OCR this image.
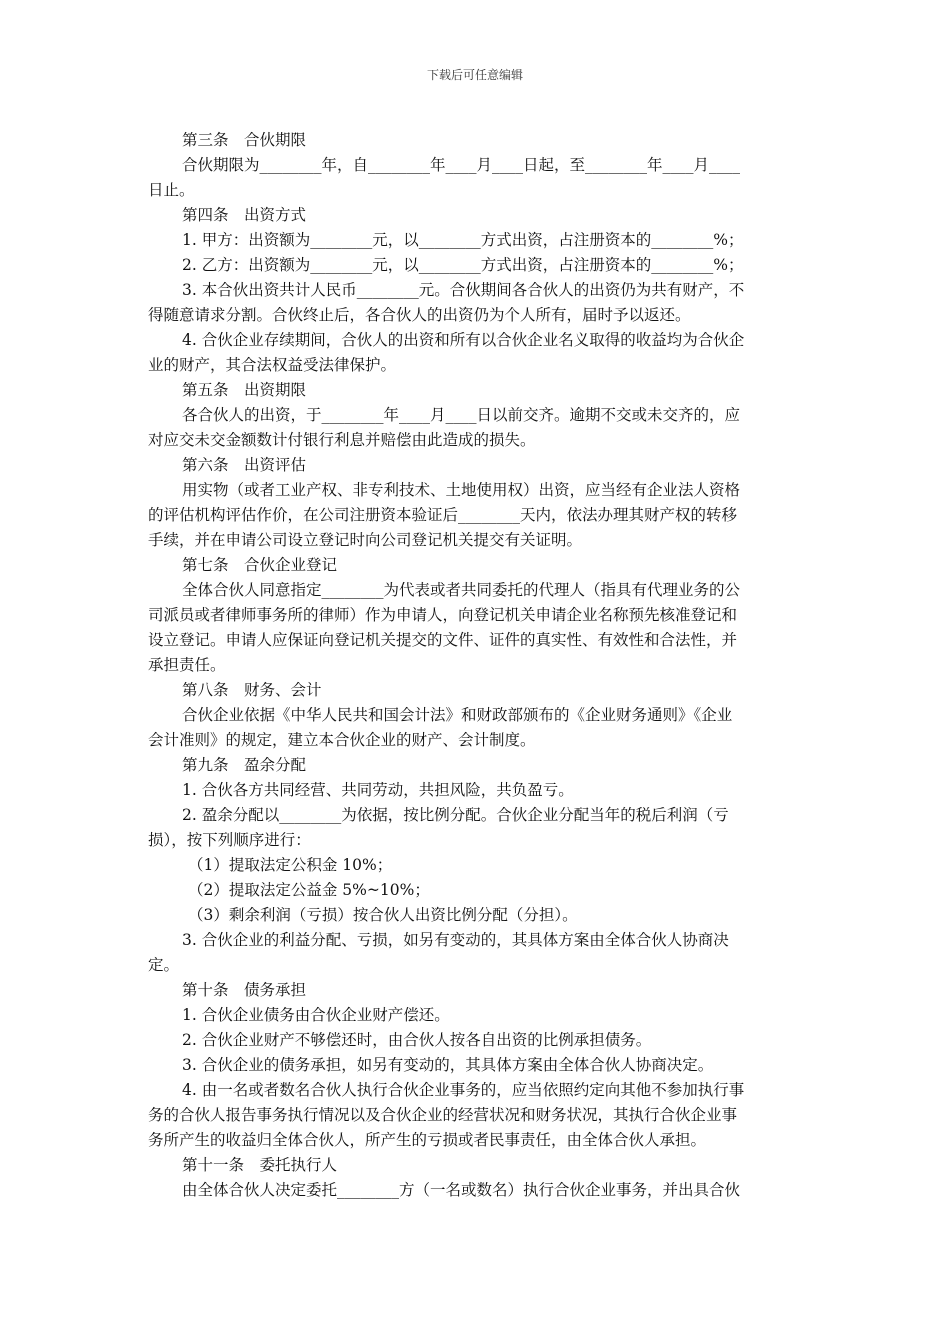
下载后可任意编辑
第三条　合伙期限
合伙期限为________年，自________年____月____日起，至________年____月____
日止。
第四条　出资方式
1. 甲方：出资额为________元，以________方式出资，占注册资本的________%；
2. 乙方：出资额为________元，以________方式出资，占注册资本的________%；
3. 本合伙出资共计人民币________元。合伙期间各合伙人的出资仍为共有财产，不
得随意请求分割。合伙终止后，各合伙人的出资仍为个人所有，届时予以返还。
4. 合伙企业存续期间，合伙人的出资和所有以合伙企业名义取得的收益均为合伙企
业的财产，其合法权益受法律保护。
第五条　出资期限
各合伙人的出资，于________年____月____日以前交齐。逾期不交或未交齐的，应
对应交未交金额数计付银行利息并赔偿由此造成的损失。
第六条　出资评估
用实物（或者工业产权、非专利技术、土地使用权）出资，应当经有企业法人资格
的评估机构评估作价，在公司注册资本验证后________天内，依法办理其财产权的转移
手续，并在申请公司设立登记时向公司登记机关提交有关证明。
第七条　合伙企业登记
全体合伙人同意指定________为代表或者共同委托的代理人（指具有代理业务的公
司派员或者律师事务所的律师）作为申请人，向登记机关申请企业名称预先核准登记和
设立登记。申请人应保证向登记机关提交的文件、证件的真实性、有效性和合法性，并
承担责任。
第八条　财务、会计
合伙企业依据《中华人民共和国会计法》和财政部颁布的《企业财务通则》《企业
会计准则》的规定，建立本合伙企业的财产、会计制度。
第九条　盈余分配
1. 合伙各方共同经营、共同劳动，共担风险，共负盈亏。
2. 盈余分配以________为依据，按比例分配。合伙企业分配当年的税后利润（亏
损），按下列顺序进行：
（1）提取法定公积金 10%；
（2）提取法定公益金 5%~10%；
（3）剩余利润（亏损）按合伙人出资比例分配（分担）。
3. 合伙企业的利益分配、亏损，如另有变动的，其具体方案由全体合伙人协商决
定。
第十条　债务承担
1. 合伙企业债务由合伙企业财产偿还。
2. 合伙企业财产不够偿还时，由合伙人按各自出资的比例承担债务。
3. 合伙企业的债务承担，如另有变动的，其具体方案由全体合伙人协商决定。
4. 由一名或者数名合伙人执行合伙企业事务的，应当依照约定向其他不参加执行事
务的合伙人报告事务执行情况以及合伙企业的经营状况和财务状况，其执行合伙企业事
务所产生的收益归全体合伙人，所产生的亏损或者民事责任，由全体合伙人承担。
第十一条　委托执行人
由全体合伙人决定委托________方（一名或数名）执行合伙企业事务，并出具合伙
